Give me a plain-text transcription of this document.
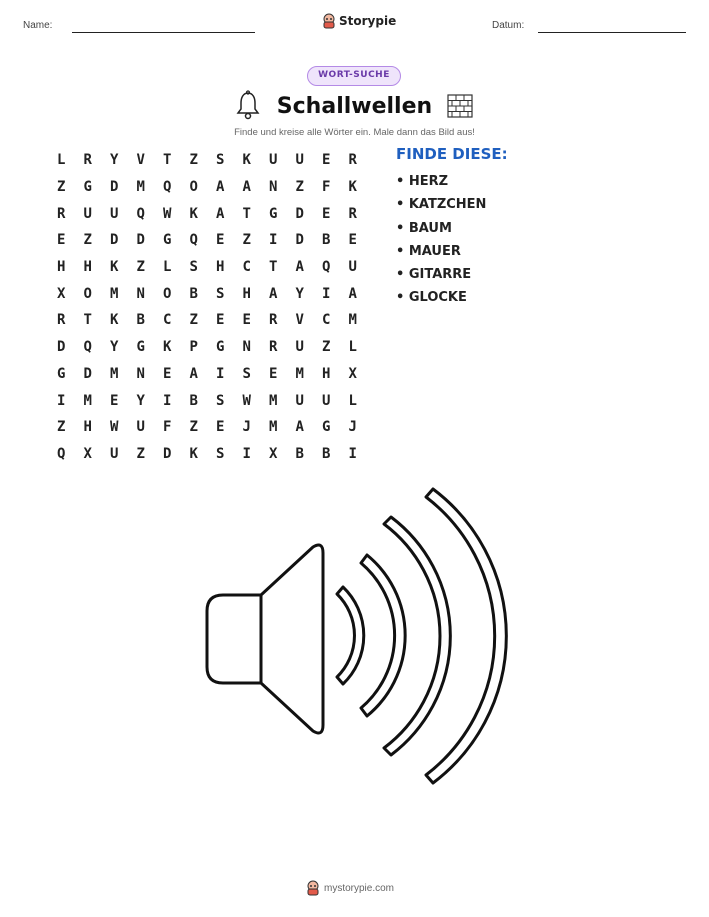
Name:	Storypie	Datum:
WORT-SUCHE
Schallwellen
Finde und kreise alle Wörter ein. Male dann das Bild aus!
L	R	Y	V	T	Z	S	K	U	U	E	R
Z	G	D	M	Q	O	A	A	N	Z	F	K
R	U	U	Q	W	K	A	T	G	D	E	R
E	Z	D	D	G	Q	E	Z	I	D	B	E
H	H	K	Z	L	S	H	C	T	A	Q	U
X	O	M	N	O	B	S	H	A	Y	I	A
R	T	K	B	C	Z	E	E	R	V	C	M
D	Q	Y	G	K	P	G	N	R	U	Z	L
G	D	M	N	E	A	I	S	E	M	H	X
I	M	E	Y	I	B	S	W	M	U	U	L
Z	H	W	U	F	Z	E	J	M	A	G	J
Q	X	U	Z	D	K	S	I	X	B	B	I
FINDE DIESE:
• HERZ
• KATZCHEN
• BAUM
• MAUER
• GITARRE
• GLOCKE
mystorypie.com
